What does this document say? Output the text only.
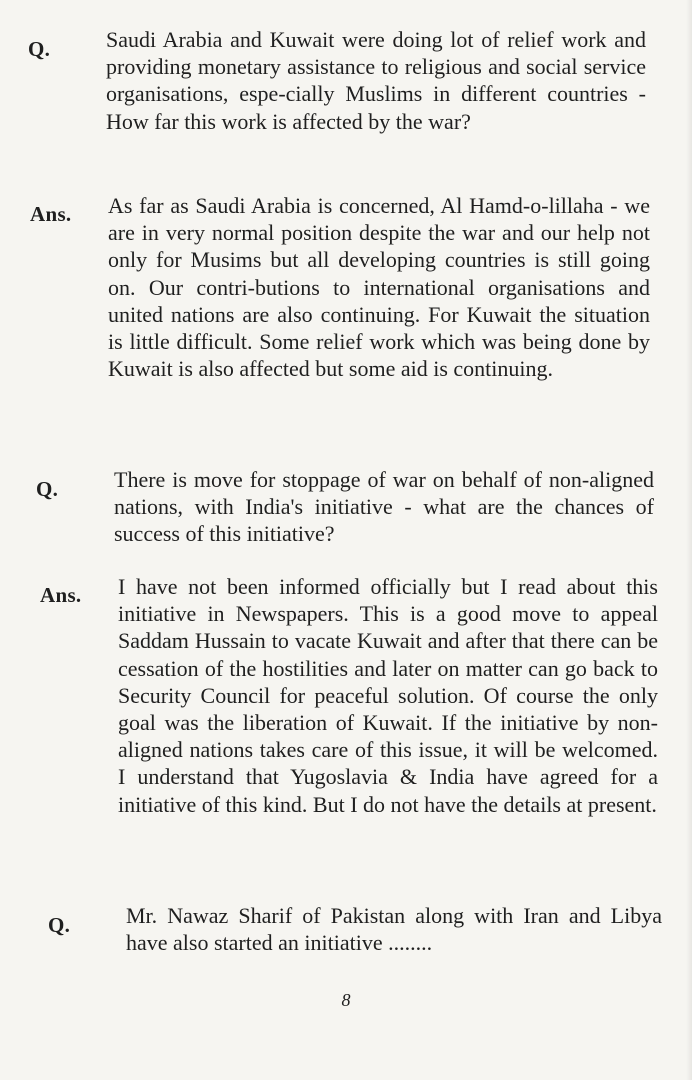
Q.	Saudi Arabia and Kuwait were doing lot of relief work and providing monetary assistance to religious and social service organisations, espe-cially Muslims in different countries - How far this work is affected by the war?
Ans. As far as Saudi Arabia is concerned, Al Hamd-o-lillaha - we are in very normal position despite the war and our help not only for Musims but all developing countries is still going on. Our contri-butions to international organisations and united nations are also continuing. For Kuwait the situation is little difficult. Some relief work which was being done by Kuwait is also affected but some aid is continuing.
Q.	There is move for stoppage of war on behalf of non-aligned nations, with India's initiative - what are the chances of success of this initiative?
Ans. I have not been informed officially but I read about this initiative in Newspapers. This is a good move to appeal Saddam Hussain to vacate Kuwait and after that there can be cessation of the hostilities and later on matter can go back to Security Council for peaceful solution. Of course the only goal was the liberation of Kuwait. If the initiative by non-aligned nations takes care of this issue, it will be welcomed. I understand that Yugoslavia & India have agreed for a initiative of this kind. But I do not have the details at present.
Q.	Mr. Nawaz Sharif of Pakistan along with Iran and Libya have also started an initiative ........
8
